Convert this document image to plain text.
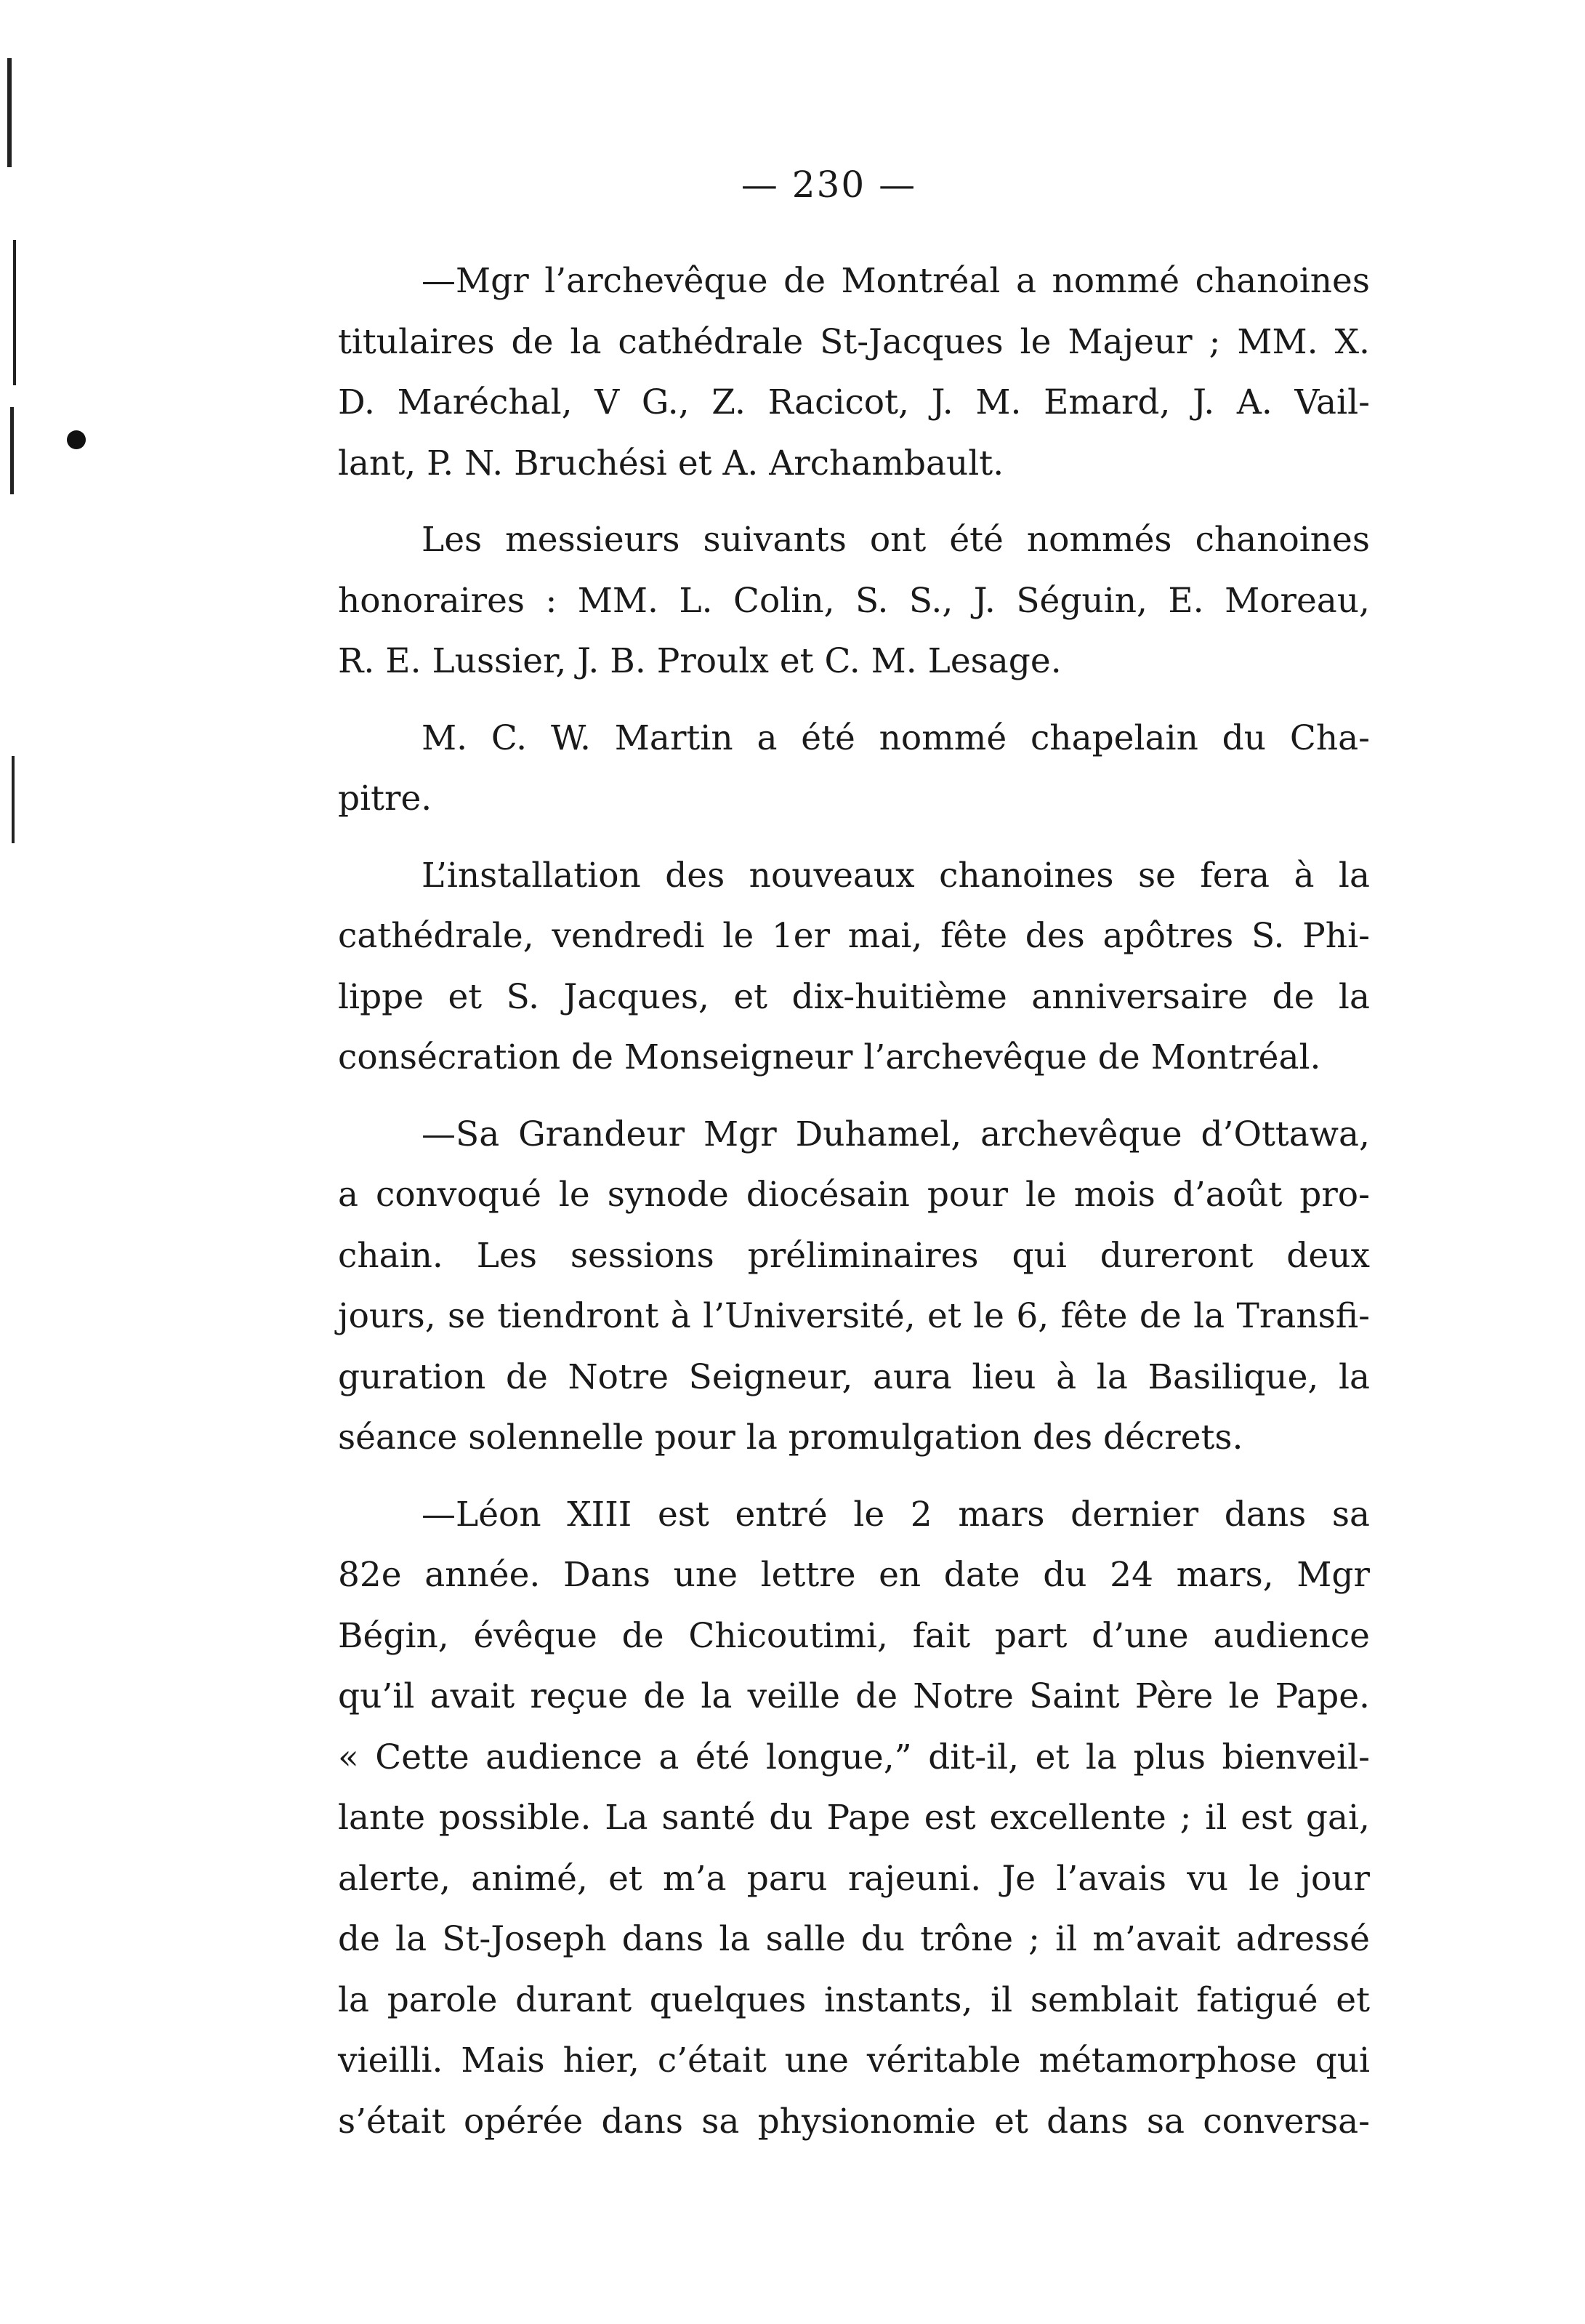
— 230 —
—Mgr l’archevêque de Montréal a nommé chanoines
titulaires de la cathédrale St-Jacques le Majeur ; MM. X.
D. Maréchal, V G., Z. Racicot, J. M. Emard, J. A. Vail-
lant, P. N. Bruchési et A. Archambault.
Les messieurs suivants ont été nommés chanoines
honoraires : MM. L. Colin, S. S., J. Séguin, E. Moreau,
R. E. Lussier, J. B. Proulx et C. M. Lesage.
M. C. W. Martin a été nommé chapelain du Cha-
pitre.
L’installation des nouveaux chanoines se fera à la
cathédrale, vendredi le 1er mai, fête des apôtres S. Phi-
lippe et S. Jacques, et dix-huitième anniversaire de la
consécration de Monseigneur l’archevêque de Montréal.
—Sa Grandeur Mgr Duhamel, archevêque d’Ottawa,
a convoqué le synode diocésain pour le mois d’août pro-
chain. Les sessions préliminaires qui dureront deux
jours, se tiendront à l’Université, et le 6, fête de la Transfi-
guration de Notre Seigneur, aura lieu à la Basilique, la
séance solennelle pour la promulgation des décrets.
—Léon XIII est entré le 2 mars dernier dans sa
82e année. Dans une lettre en date du 24 mars, Mgr
Bégin, évêque de Chicoutimi, fait part d’une audience
qu’il avait reçue de la veille de Notre Saint Père le Pape.
« Cette audience a été longue,” dit-il, et la plus bienveil-
lante possible. La santé du Pape est excellente ; il est gai,
alerte, animé, et m’a paru rajeuni. Je l’avais vu le jour
de la St-Joseph dans la salle du trône ; il m’avait adressé
la parole durant quelques instants, il semblait fatigué et
vieilli. Mais hier, c’était une véritable métamorphose qui
s’était opérée dans sa physionomie et dans sa conversa-
